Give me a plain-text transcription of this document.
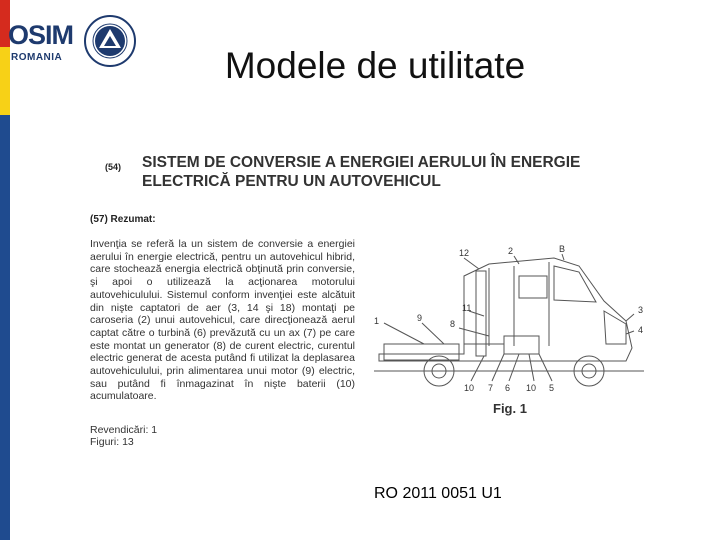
OSIM
ROMANIA	Modele de utilitate
(54) SISTEM DE CONVERSIE A ENERGIEI AERULUI ÎN ENERGIE ELECTRICĂ PENTRU UN AUTOVEHICUL
(57) Rezumat:
Invenţia se referă la un sistem de conversie a energiei aerului în energie electrică, pentru un autovehicul hibrid, care stochează energia electrică obţinută prin conversie, şi apoi o utilizează la acţionarea motorului autovehiculului. Sistemul conform invenţiei este alcătuit din nişte captatori de aer (3, 14 şi 18) montaţi pe caroseria (2) unui autovehicul, care direcţionează aerul captat către o turbină (6) prevăzută cu un ax (7) pe care este montat un generator (8) de curent electric, curentul electric generat de acesta putând fi utilizat la deplasarea autovehiculului, prin alimentarea unui motor (9) electric, sau putând fi înmagazinat în nişte baterii (10) acumulatoare.
Revendicări: 1
Figuri: 13
12	2	B
11
9
8
1
3
4
10 7 6 10 5
Fig. 1
RO 2011 0051 U1
